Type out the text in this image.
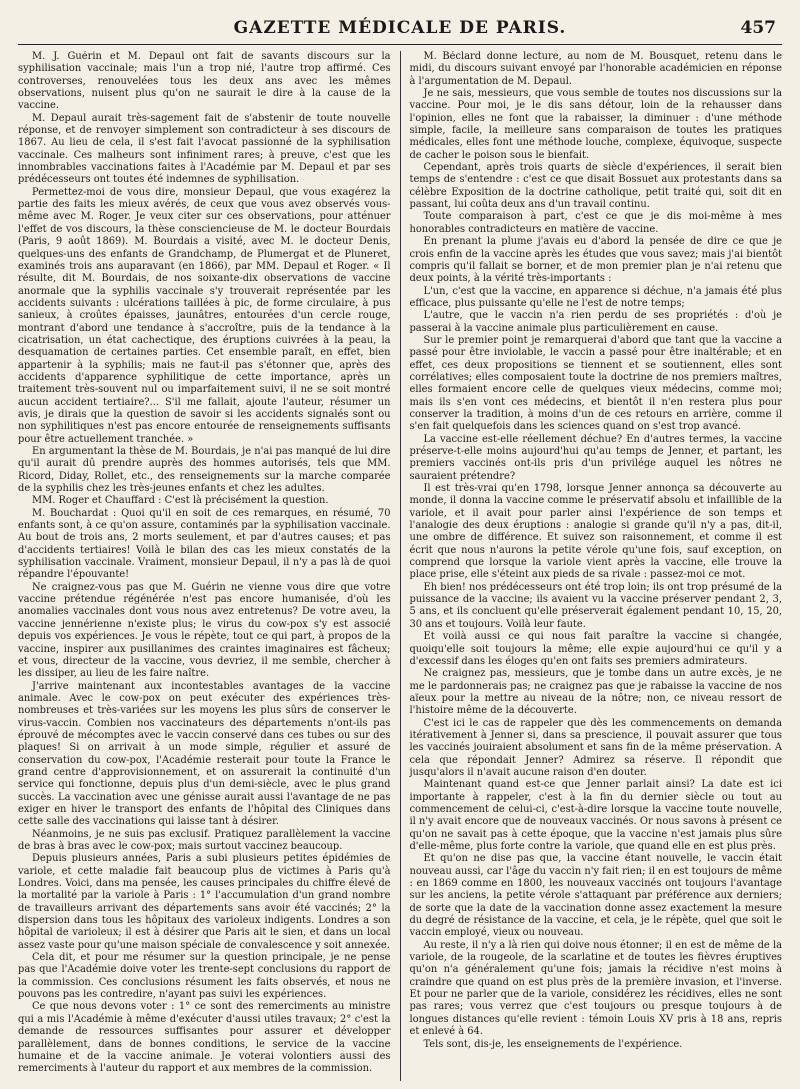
GAZETTE MÉDICALE DE PARIS.	457

M. J. Guérin et M. Depaul ont fait de savants discours sur la syphilisation vaccinale; mais l'un a trop nié, l'autre trop affirmé. Ces controverses, renouvelées tous les deux ans avec les mêmes observations, nuisent plus qu'on ne saurait le dire à la cause de la vaccine.

M. Depaul aurait très-sagement fait de s'abstenir de toute nouvelle réponse, et de renvoyer simplement son contradicteur à ses discours de 1867. Au lieu de cela, il s'est fait l'avocat passionné de la syphilisation vaccinale. Ces malheurs sont infiniment rares; à preuve, c'est que les innombrables vaccinations faites à l'Académie par M. Depaul et par ses prédécesseurs ont toutes été indemnes de syphilisation.

Permettez-moi de vous dire, monsieur Depaul, que vous exagérez la partie des faits les mieux avérés, de ceux que vous avez observés vous-même avec M. Roger. Je veux citer sur ces observations, pour atténuer l'effet de vos discours, la thèse consciencieuse de M. le docteur Bourdais (Paris, 9 août 1869). M. Bourdais a visité, avec M. le docteur Denis, quelques-uns des enfants de Grandchamp, de Plumergat et de Pluneret, examinés trois ans auparavant (en 1866), par MM. Depaul et Roger. « Il résulte, dit M. Bourdais, de nos soixante-dix observations de vaccine anormale que la syphilis vaccinale s'y trouverait représentée par les accidents suivants : ulcérations taillées à pic, de forme circulaire, à pus sanieux, à croûtes épaisses, jaunâtres, entourées d'un cercle rouge, montrant d'abord une tendance à s'accroître, puis de la tendance à la cicatrisation, un état cachectique, des éruptions cuivrées à la peau, la desquamation de certaines parties. Cet ensemble paraît, en effet, bien appartenir à la syphilis; mais ne faut-il pas s'étonner que, après des accidents d'apparence syphilitique de cette importance, après un traitement très-souvent nul ou imparfaitement suivi, il ne se soit montré aucun accident tertiaire?... S'il me fallait, ajoute l'auteur, résumer un avis, je dirais que la question de savoir si les accidents signalés sont ou non syphilitiques n'est pas encore entourée de renseignements suffisants pour être actuellement tranchée. »

En argumentant la thèse de M. Bourdais, je n'ai pas manqué de lui dire qu'il aurait dû prendre auprès des hommes autorisés, tels que MM. Ricord, Diday, Rollet, etc., des renseignements sur la marche comparée de la syphilis chez les très-jeunes enfants et chez les adultes.

MM. Roger et Chauffard : C'est là précisément la question.

M. Bouchardat : Quoi qu'il en soit de ces remarques, en résumé, 70 enfants sont, à ce qu'on assure, contaminés par la syphilisation vaccinale. Au bout de trois ans, 2 morts seulement, et par d'autres causes; et pas d'accidents tertiaires! Voilà le bilan des cas les mieux constatés de la syphilisation vaccinale. Vraiment, monsieur Depaul, il n'y a pas là de quoi répandre l'épouvante!

Ne craignez-vous pas que M. Guérin ne vienne vous dire que votre vaccine prétendue régénérée n'est pas encore humanisée, d'où les anomalies vaccinales dont vous nous avez entretenus? De votre aveu, la vaccine jennérienne n'existe plus; le virus du cow-pox s'y est associé depuis vos expériences. Je vous le répète, tout ce qui part, à propos de la vaccine, inspirer aux pusillanimes des craintes imaginaires est fâcheux; et vous, directeur de la vaccine, vous devriez, il me semble, chercher à les dissiper, au lieu de les faire naître.

J'arrive maintenant aux incontestables avantages de la vaccine animale. Avec le cow-pox on peut exécuter des expériences très-nombreuses et très-variées sur les moyens les plus sûrs de conserver le virus-vaccin. Combien nos vaccinateurs des départements n'ont-ils pas éprouvé de mécomptes avec le vaccin conservé dans ces tubes ou sur des plaques! Si on arrivait à un mode simple, régulier et assuré de conservation du cow-pox, l'Académie resterait pour toute la France le grand centre d'approvisionnement, et on assurerait la continuité d'un service qui fonctionne, depuis plus d'un demi-siècle, avec le plus grand succès. La vaccination avec une génisse aurait aussi l'avantage de ne pas exiger en hiver le transport des enfants de l'hôpital des Cliniques dans cette salle des vaccinations qui laisse tant à désirer.

Néanmoins, je ne suis pas exclusif. Pratiquez parallèlement la vaccine de bras à bras avec le cow-pox; mais surtout vaccinez beaucoup.

Depuis plusieurs années, Paris a subi plusieurs petites épidémies de variole, et cette maladie fait beaucoup plus de victimes à Paris qu'à Londres. Voici, dans ma pensée, les causes principales du chiffre élevé de la mortalité par la variole à Paris : 1° l'accumulation d'un grand nombre de travailleurs arrivant des départements sans avoir été vaccinés; 2° la dispersion dans tous les hôpitaux des varioleux indigents. Londres a son hôpital de varioleux; il est à désirer que Paris ait le sien, et dans un local assez vaste pour qu'une maison spéciale de convalescence y soit annexée.

Cela dit, et pour me résumer sur la question principale, je ne pense pas que l'Académie doive voter les trente-sept conclusions du rapport de la commission. Ces conclusions résument les faits observés, et nous ne pouvons pas les contredire, n'ayant pas suivi les expériences.

Ce que nous devons voter : 1° ce sont des remerciments au ministre qui a mis l'Académie à même d'exécuter d'aussi utiles travaux; 2° c'est la demande de ressources suffisantes pour assurer et développer parallèlement, dans de bonnes conditions, le service de la vaccine humaine et de la vaccine animale. Je voterai volontiers aussi des remerciments à l'auteur du rapport et aux membres de la commission.

M. Béclard donne lecture, au nom de M. Bousquet, retenu dans le midi, du discours suivant envoyé par l'honorable académicien en réponse à l'argumentation de M. Depaul.

Je ne sais, messieurs, que vous semble de toutes nos discussions sur la vaccine. Pour moi, je le dis sans détour, loin de la rehausser dans l'opinion, elles ne font que la rabaisser, la diminuer : d'une méthode simple, facile, la meilleure sans comparaison de toutes les pratiques médicales, elles font une méthode louche, complexe, équivoque, suspecte de cacher le poison sous le bienfait.

Cependant, après trois quarts de siècle d'expériences, il serait bien temps de s'entendre : c'est ce que disait Bossuet aux protestants dans sa célèbre Exposition de la doctrine catholique, petit traité qui, soit dit en passant, lui coûta deux ans d'un travail continu.

Toute comparaison à part, c'est ce que je dis moi-même à mes honorables contradicteurs en matière de vaccine.

En prenant la plume j'avais eu d'abord la pensée de dire ce que je crois enfin de la vaccine après les études que vous savez; mais j'ai bientôt compris qu'il fallait se borner, et de mon premier plan je n'ai retenu que deux points, à la vérité très-importants :

L'un, c'est que la vaccine, en apparence si déchue, n'a jamais été plus efficace, plus puissante qu'elle ne l'est de notre temps;

L'autre, que le vaccin n'a rien perdu de ses propriétés : d'où je passerai à la vaccine animale plus particulièrement en cause.

Sur le premier point je remarquerai d'abord que tant que la vaccine a passé pour être inviolable, le vaccin a passé pour être inaltérable; et en effet, ces deux propositions se tiennent et se soutiennent, elles sont corrélatives; elles composaient toute la doctrine de nos premiers maîtres, elles formaient encore celle de quelques vieux médecins, comme moi; mais ils s'en vont ces médecins, et bientôt il n'en restera plus pour conserver la tradition, à moins d'un de ces retours en arrière, comme il s'en fait quelquefois dans les sciences quand on s'est trop avancé.

La vaccine est-elle réellement déchue? En d'autres termes, la vaccine préserve-t-elle moins aujourd'hui qu'au temps de Jenner, et partant, les premiers vaccinés ont-ils pris d'un privilége auquel les nôtres ne sauraient prétendre?

Il est très-vrai qu'en 1798, lorsque Jenner annonça sa découverte au monde, il donna la vaccine comme le préservatif absolu et infaillible de la variole, et il avait pour parler ainsi l'expérience de son temps et l'analogie des deux éruptions : analogie si grande qu'il n'y a pas, dit-il, une ombre de différence. Et suivez son raisonnement, et comme il est écrit que nous n'aurons la petite vérole qu'une fois, sauf exception, on comprend que lorsque la variole vient après la vaccine, elle trouve la place prise, elle s'éteint aux pieds de sa rivale : passez-moi ce mot.

Eh bien! nos prédécesseurs ont été trop loin; ils ont trop présumé de la puissance de la vaccine; ils avaient vu la vaccine préserver pendant 2, 3, 5 ans, et ils concluent qu'elle préserverait également pendant 10, 15, 20, 30 ans et toujours. Voilà leur faute.

Et voilà aussi ce qui nous fait paraître la vaccine si changée, quoiqu'elle soit toujours la même; elle expie aujourd'hui ce qu'il y a d'excessif dans les éloges qu'en ont faits ses premiers admirateurs.

Ne craignez pas, messieurs, que je tombe dans un autre excès, je ne me le pardonnerais pas; ne craignez pas que je rabaisse la vaccine de nos aïeux pour la mettre au niveau de la nôtre; non, ce niveau ressort de l'histoire même de la découverte.

C'est ici le cas de rappeler que dès les commencements on demanda itérativement à Jenner si, dans sa prescience, il pouvait assurer que tous les vaccinés jouiraient absolument et sans fin de la même préservation. A cela que répondait Jenner? Admirez sa réserve. Il répondit que jusqu'alors il n'avait aucune raison d'en douter.

Maintenant quand est-ce que Jenner parlait ainsi? La date est ici importante à rappeler, c'est à la fin du dernier siècle ou tout au commencement de celui-ci, c'est-à-dire lorsque la vaccine toute nouvelle, il n'y avait encore que de nouveaux vaccinés. Or nous savons à présent ce qu'on ne savait pas à cette époque, que la vaccine n'est jamais plus sûre d'elle-même, plus forte contre la variole, que quand elle en est plus près.

Et qu'on ne dise pas que, la vaccine étant nouvelle, le vaccin était nouveau aussi, car l'âge du vaccin n'y fait rien; il en est toujours de même : en 1869 comme en 1800, les nouveaux vaccinés ont toujours l'avantage sur les anciens, la petite vérole s'attaquant par préférence aux derniers; de sorte que la date de la vaccination donne assez exactement la mesure du degré de résistance de la vaccine, et cela, je le répète, quel que soit le vaccin employé, vieux ou nouveau.

Au reste, il n'y a là rien qui doive nous étonner; il en est de même de la variole, de la rougeole, de la scarlatine et de toutes les fièvres éruptives qu'on n'a généralement qu'une fois; jamais la récidive n'est moins à craindre que quand on est plus près de la première invasion, et l'inverse. Et pour ne parler que de la variole, considérez les récidives, elles ne sont pas rares; vous verrez que c'est toujours ou presque toujours à de longues distances qu'elle revient : témoin Louis XV pris à 18 ans, repris et enlevé à 64.

Tels sont, dis-je, les enseignements de l'expérience.
